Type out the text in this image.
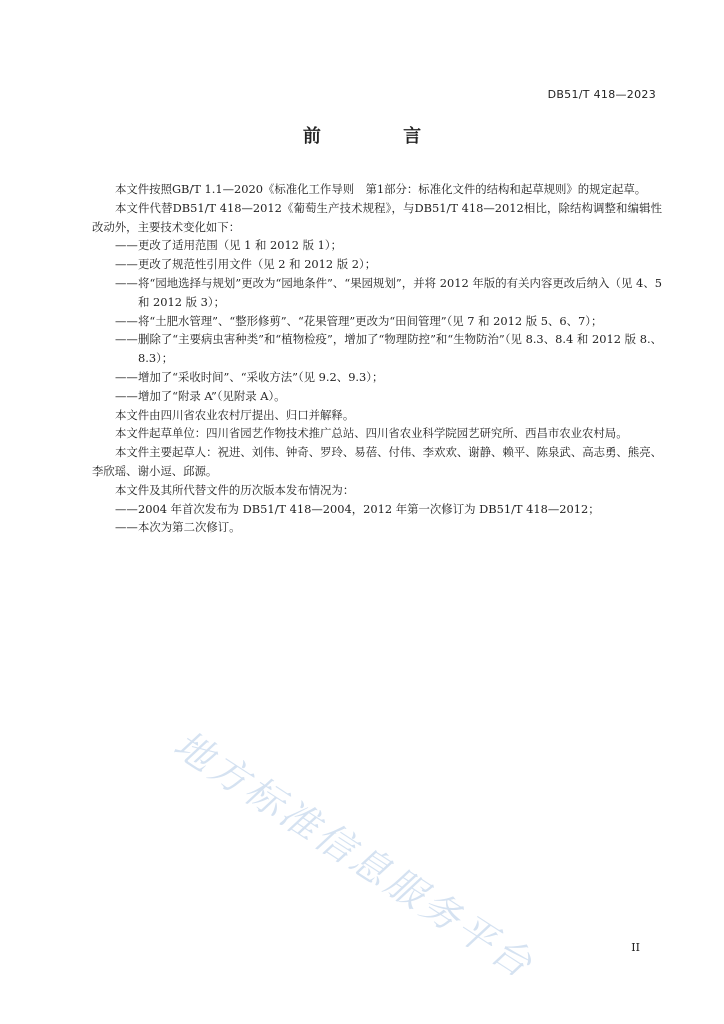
DB51/T 418—2023
前 言

本文件按照GB/T 1.1—2020《标准化工作导则　第1部分：标准化文件的结构和起草规则》的规定起草。

本文件代替DB51/T 418—2012《葡萄生产技术规程》，与DB51/T 418—2012相比，除结构调整和编辑性改动外，主要技术变化如下：

——更改了适用范围（见 1 和 2012 版 1）；

——更改了规范性引用文件（见 2 和 2012 版 2）；

——将“园地选择与规划”更改为“园地条件”、“果园规划”，并将 2012 年版的有关内容更改后纳入（见 4、5 和 2012 版 3）；

——将“土肥水管理”、“整形修剪”、“花果管理”更改为“田间管理”（见 7 和 2012 版 5、6、7）；

——删除了“主要病虫害种类”和“植物检疫”，增加了“物理防控”和“生物防治”（见 8.3、8.4 和 2012 版 8.、8.3）；

——增加了“采收时间”、“采收方法”（见 9.2、9.3）；

——增加了“附录 A”（见附录 A）。

本文件由四川省农业农村厅提出、归口并解释。

本文件起草单位：四川省园艺作物技术推广总站、四川省农业科学院园艺研究所、西昌市农业农村局。

本文件主要起草人：祝进、刘伟、钟奇、罗玲、易蓓、付伟、李欢欢、谢静、赖平、陈泉武、高志勇、熊亮、李欣瑶、谢小逗、邱源。

本文件及其所代替文件的历次版本发布情况为：

——2004 年首次发布为 DB51/T 418—2004，2012 年第一次修订为 DB51/T 418—2012；

——本次为第二次修订。

地方标准信息服务平台	II
